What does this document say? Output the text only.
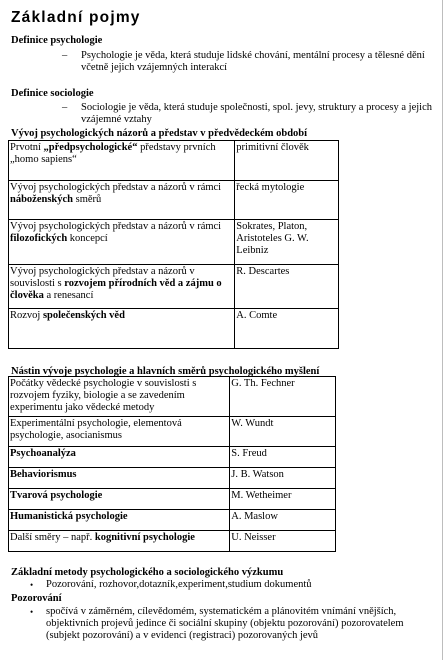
Základní pojmy
Definice psychologie
– Psychologie je věda, která studuje lidské chování, mentální procesy a tělesné dění včetně jejich vzájemných interakcí
Definice sociologie
– Sociologie je věda, která studuje společnosti, spol. jevy, struktury a procesy a jejich vzájemné vztahy
Vývoj psychologických názorů a představ v předvědeckém období
Prvotní „předpsychologické“ představy prvních „homo sapiens“	primitivní člověk
Vývoj psychologických představ a názorů v rámci náboženských směrů	řecká mytologie
Vývoj psychologických představ a názorů v rámci filozofických koncepcí	Sokrates, Platon, Aristoteles G. W. Leibniz
Vývoj psychologických představ a názorů v souvislosti s rozvojem přírodních věd a zájmu o člověka a renesancí	R. Descartes
Rozvoj společenských věd	A. Comte
Nástin vývoje psychologie a hlavních směrů psychologického myšlení
Počátky vědecké psychologie v souvislosti s rozvojem fyziky, biologie a se zavedením experimentu jako vědecké metody	G. Th. Fechner
Experimentální psychologie, elementová psychologie, asocianismus	W. Wundt
Psychoanalýza	S. Freud
Behaviorismus	J. B. Watson
Tvarová psychologie	M. Wetheimer
Humanistická psychologie	A. Maslow
Další směry – např. kognitivní psychologie	U. Neisser
Základní metody psychologického a sociologického výzkumu
• Pozorování, rozhovor,dotazník,experiment,studium dokumentů
Pozorování
• spočívá v záměrném, cílevědomém, systematickém a plánovitém vnímání vnějších, objektivních projevů jedince či sociální skupiny (objektu pozorování) pozorovatelem (subjekt pozorování) a v evidenci (registraci) pozorovaných jevů
